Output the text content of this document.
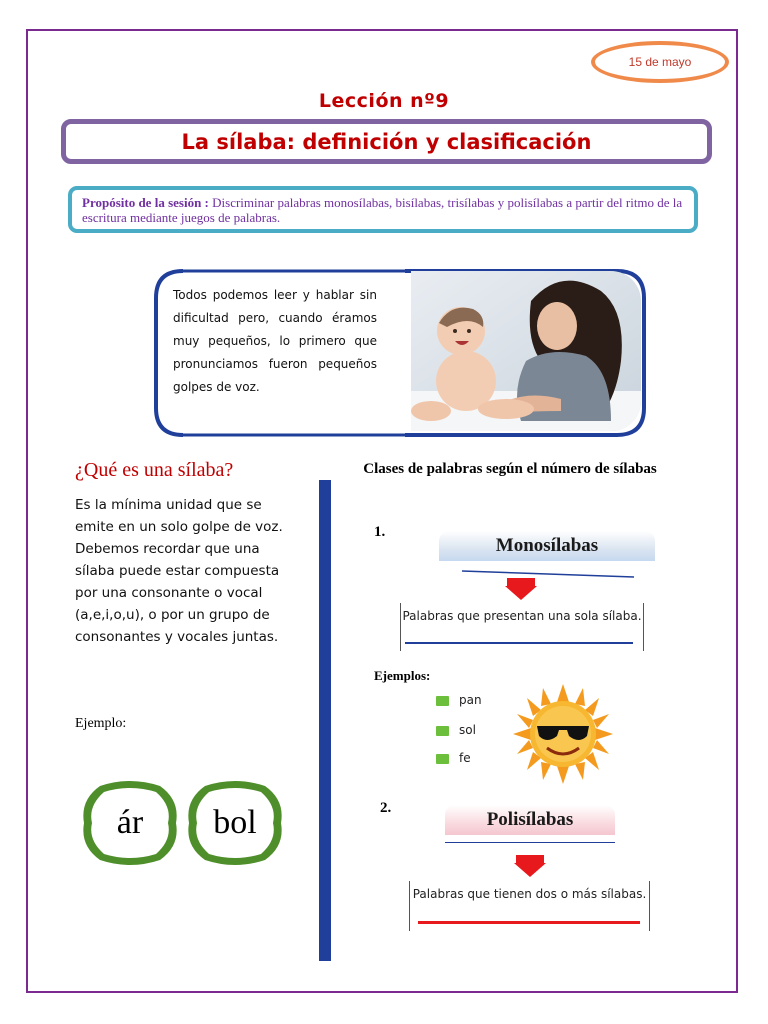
15 de mayo
Lección nº9
La sílaba: definición y clasificación
Propósito de la sesión : Discriminar palabras monosílabas, bisílabas, trisílabas y polisílabas a partir del ritmo de la escritura mediante juegos de palabras.
Todos podemos leer y hablar sin dificultad pero, cuando éramos muy pequeños, lo primero que pronunciamos fueron pequeños golpes de voz.
¿Qué es una sílaba?
Es la mínima unidad que se emite en un solo golpe de voz. Debemos recordar que una sílaba puede estar compuesta por una consonante o vocal (a,e,i,o,u), o por un grupo de consonantes y vocales juntas.
Ejemplo:
ár	bol
Clases de palabras según el número de sílabas
1.
Monosílabas
Palabras que presentan una sola sílaba.
Ejemplos:
pan
sol
fe
2.
Polisílabas
Palabras que tienen dos o más sílabas.
